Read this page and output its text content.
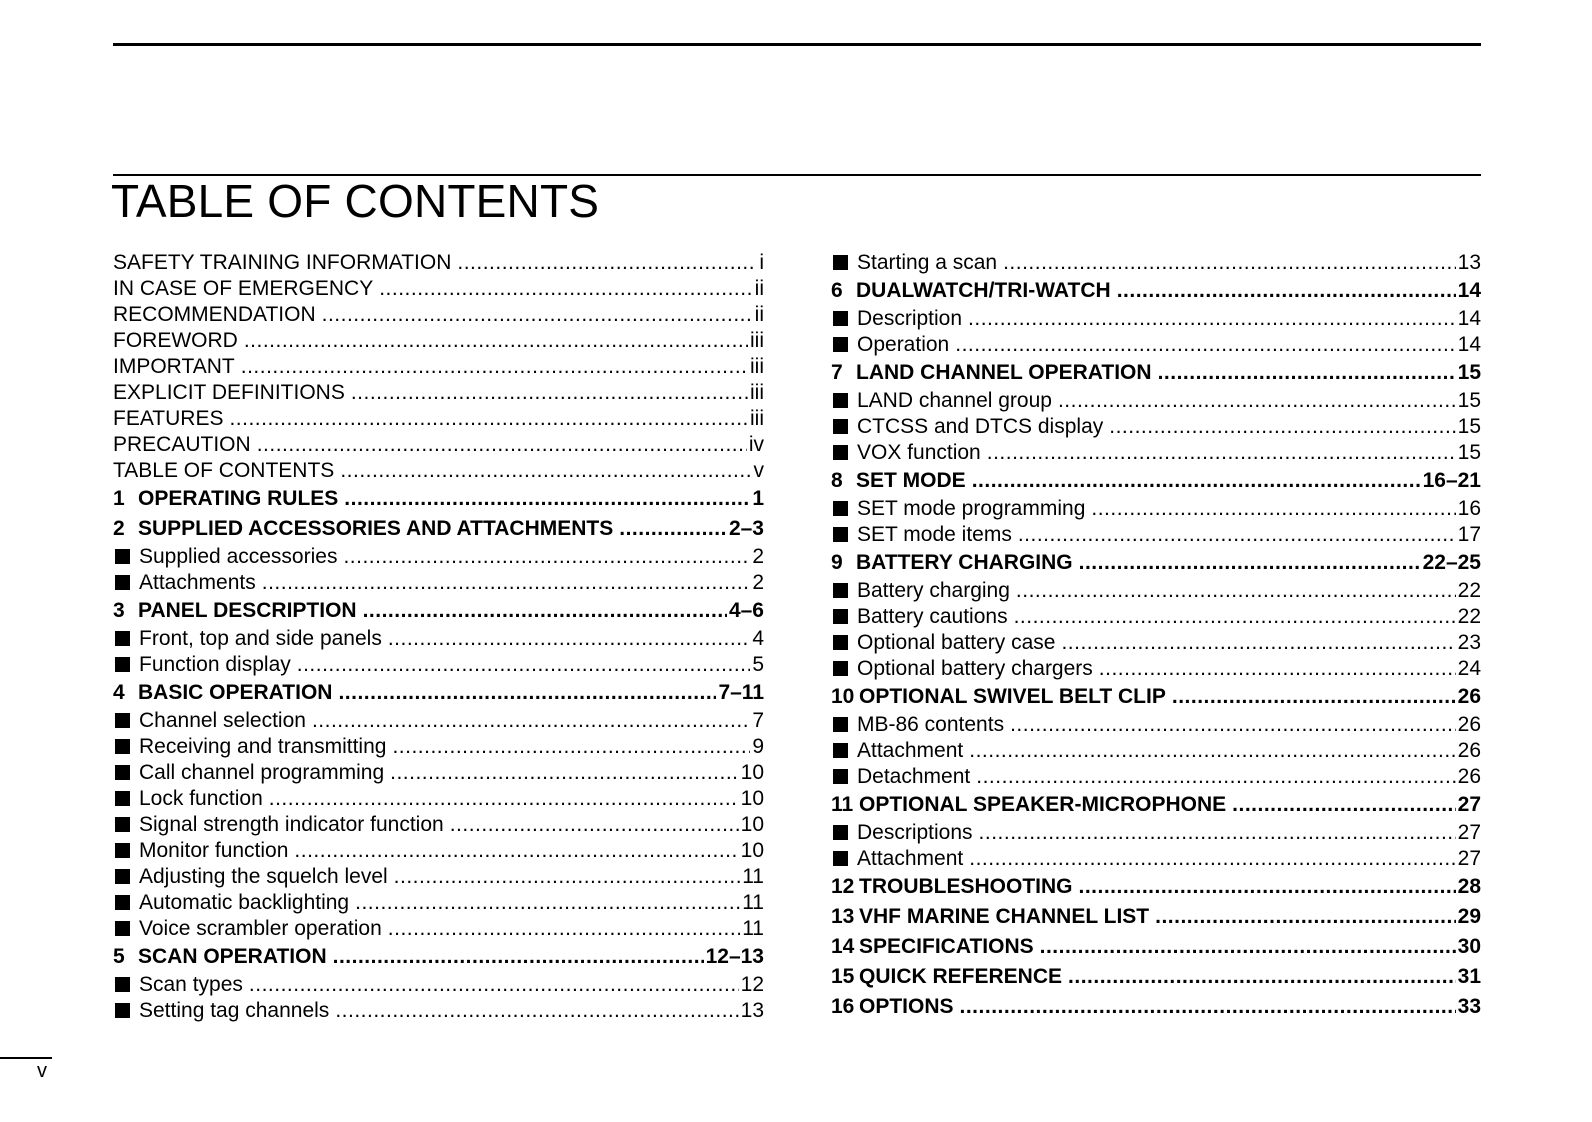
TABLE OF CONTENTS
SAFETY TRAINING INFORMATION .....	i
IN CASE OF EMERGENCY .....	ii
RECOMMENDATION .....	ii
FOREWORD .....	iii
IMPORTANT .....	iii
EXPLICIT DEFINITIONS .....	iii
FEATURES .....	iii
PRECAUTION .....	iv
TABLE OF CONTENTS .....	v
1 OPERATING RULES .....	1
2 SUPPLIED ACCESSORIES AND ATTACHMENTS .....	2–3
Supplied accessories .....	2
Attachments .....	2
3 PANEL DESCRIPTION .....	4–6
Front, top and side panels .....	4
Function display .....	5
4 BASIC OPERATION .....	7–11
Channel selection .....	7
Receiving and transmitting .....	9
Call channel programming .....	10
Lock function .....	10
Signal strength indicator function .....	10
Monitor function .....	10
Adjusting the squelch level .....	11
Automatic backlighting .....	11
Voice scrambler operation .....	11
5 SCAN OPERATION .....	12–13
Scan types .....	12
Setting tag channels .....	13
Starting a scan .....	13
6 DUALWATCH/TRI-WATCH .....	14
Description .....	14
Operation .....	14
7 LAND CHANNEL OPERATION .....	15
LAND channel group .....	15
CTCSS and DTCS display .....	15
VOX function .....	15
8 SET MODE .....	16–21
SET mode programming .....	16
SET mode items .....	17
9 BATTERY CHARGING .....	22–25
Battery charging .....	22
Battery cautions .....	22
Optional battery case .....	23
Optional battery chargers .....	24
10 OPTIONAL SWIVEL BELT CLIP .....	26
MB-86 contents .....	26
Attachment .....	26
Detachment .....	26
11 OPTIONAL SPEAKER-MICROPHONE .....	27
Descriptions .....	27
Attachment .....	27
12 TROUBLESHOOTING .....	28
13 VHF MARINE CHANNEL LIST .....	29
14 SPECIFICATIONS .....	30
15 QUICK REFERENCE .....	31
16 OPTIONS .....	33
v
